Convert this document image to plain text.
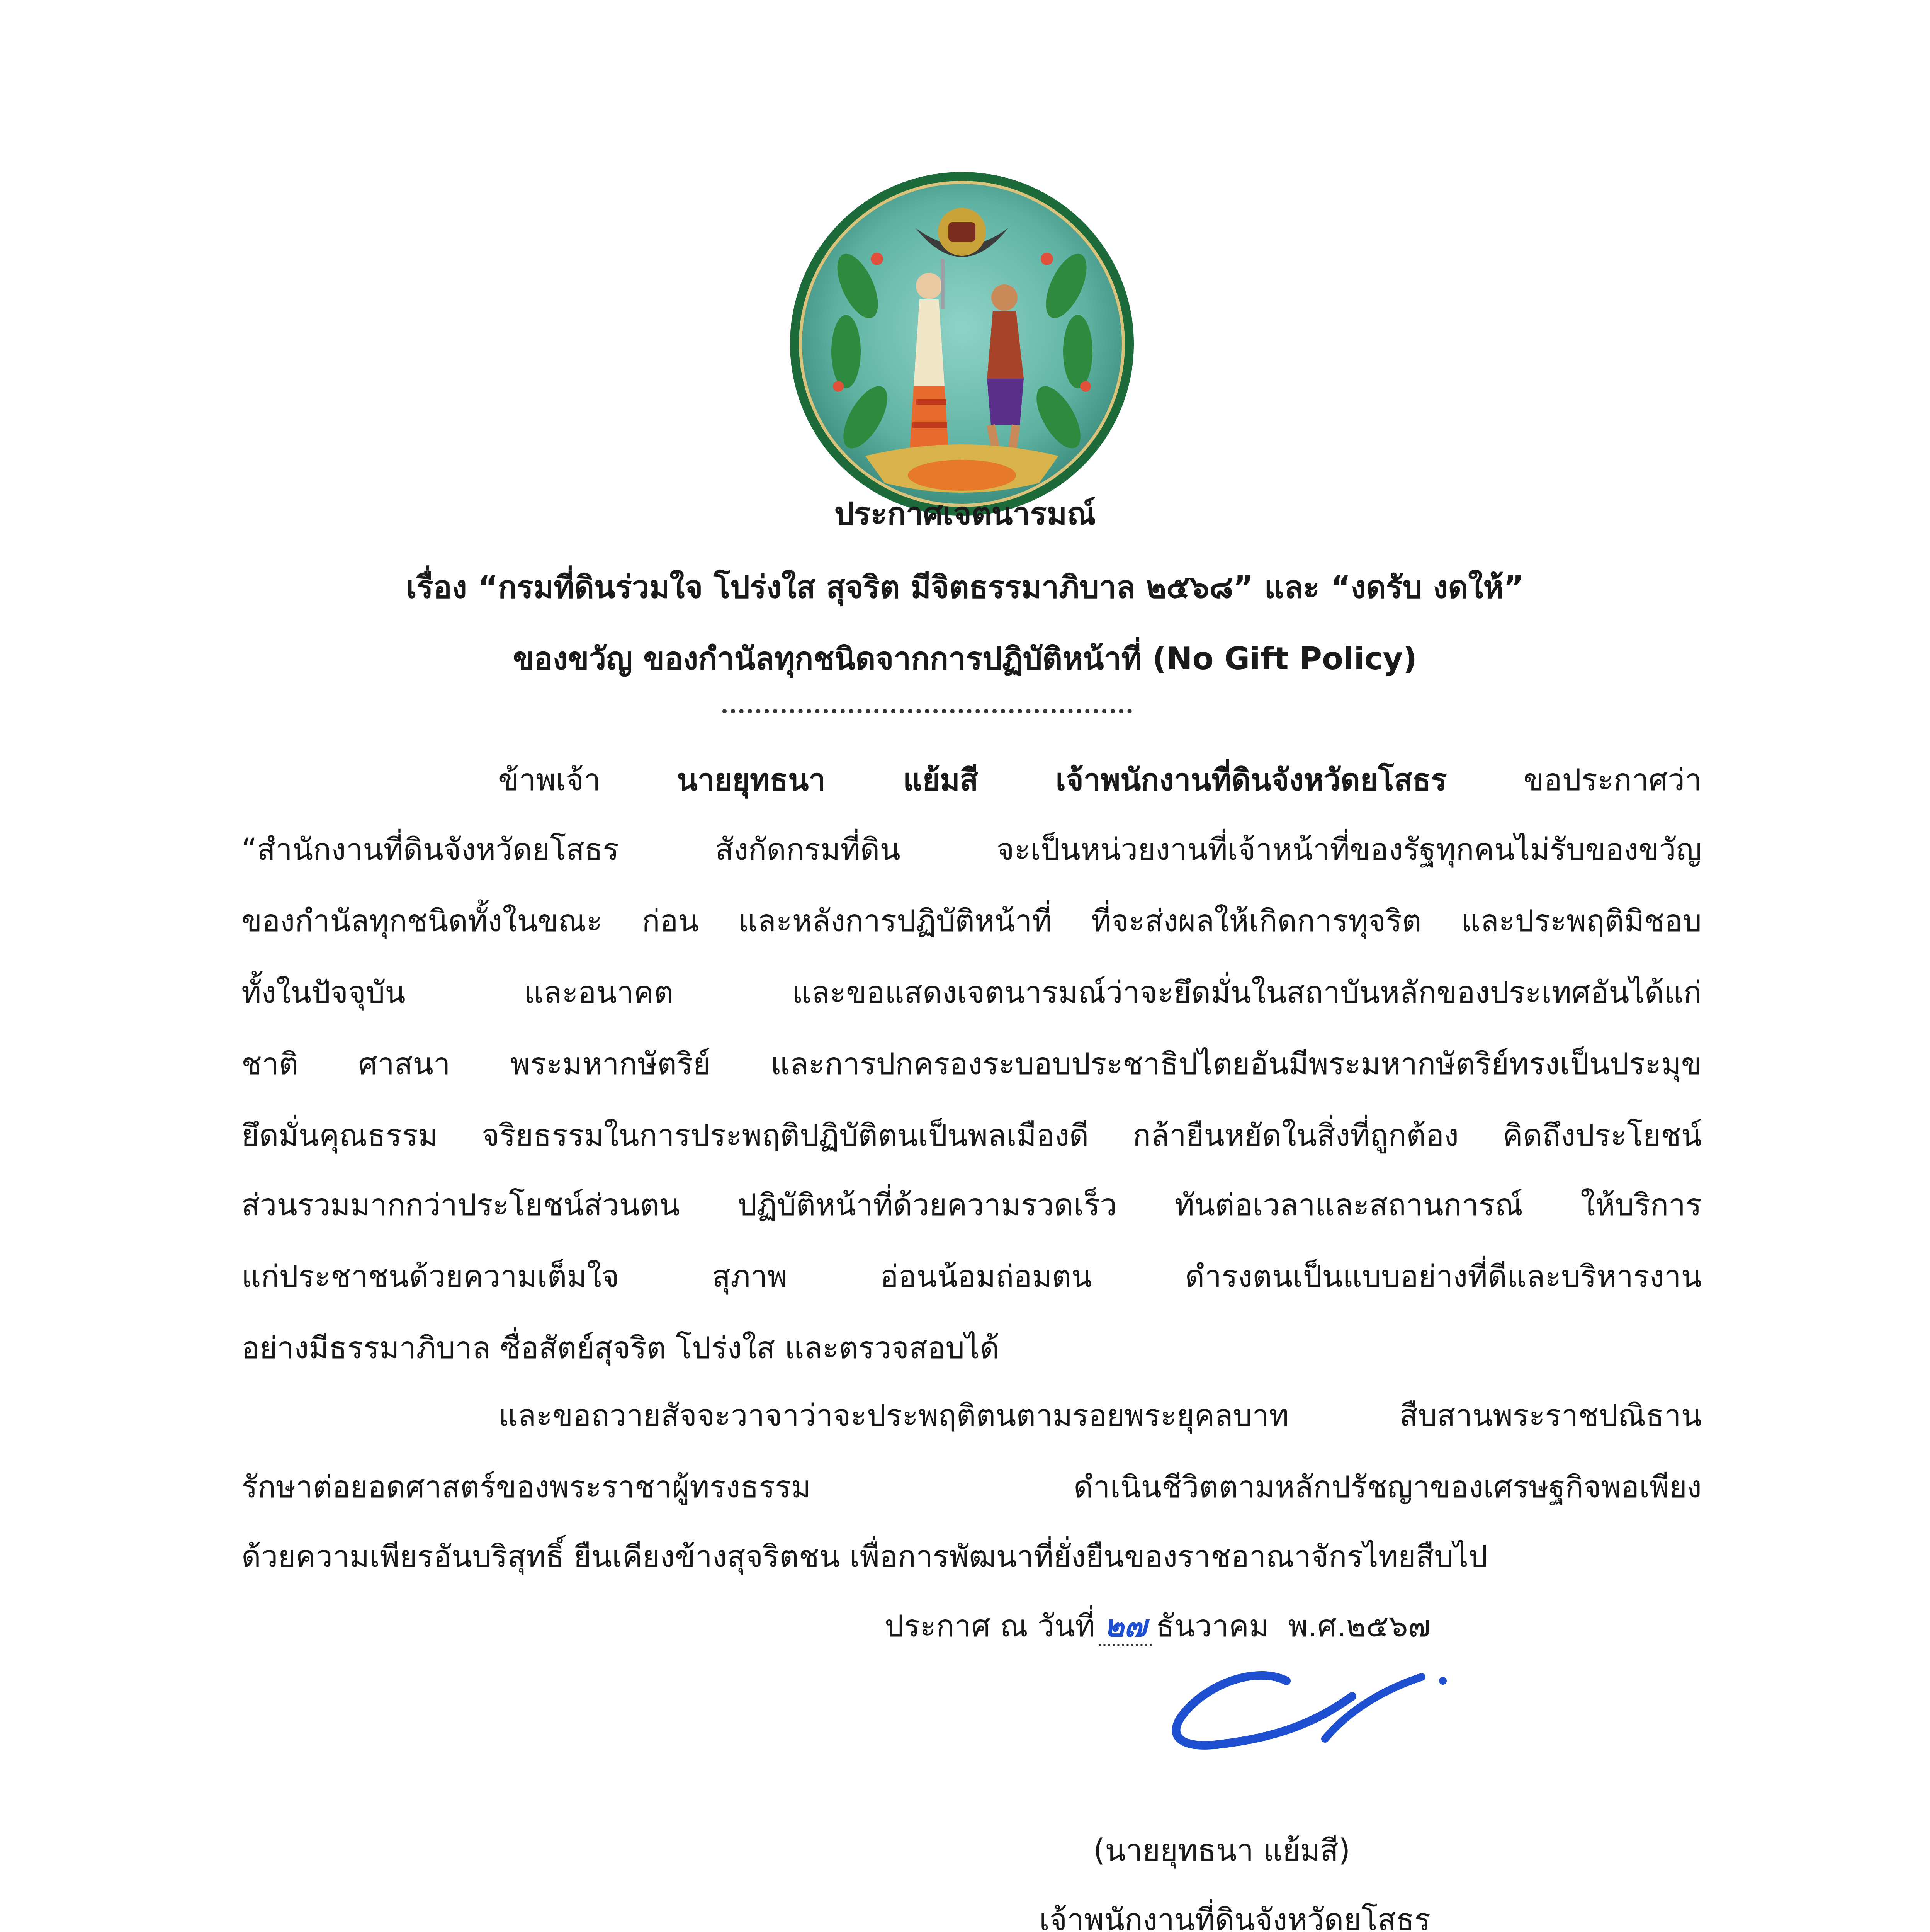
ประกาศเจตนารมณ์
เรื่อง “กรมที่ดินร่วมใจ โปร่งใส สุจริต มีจิตธรรมาภิบาล ๒๕๖๘” และ “งดรับ งดให้”
ของขวัญ ของกำนัลทุกชนิดจากการปฏิบัติหน้าที่ (No Gift Policy)
ข้าพเจ้า	นายยุทธนา แย้มสี เจ้าพนักงานที่ดินจังหวัดยโสธร	ขอประกาศว่า
“สำนักงานที่ดินจังหวัดยโสธร สังกัดกรมที่ดิน จะเป็นหน่วยงานที่เจ้าหน้าที่ของรัฐทุกคนไม่รับของขวัญ
ของกำนัลทุกชนิดทั้งในขณะ ก่อน และหลังการปฏิบัติหน้าที่ ที่จะส่งผลให้เกิดการทุจริต และประพฤติมิชอบ
ทั้งในปัจจุบัน และอนาคต และขอแสดงเจตนารมณ์ว่าจะยึดมั่นในสถาบันหลักของประเทศอันได้แก่
ชาติ ศาสนา พระมหากษัตริย์ และการปกครองระบอบประชาธิปไตยอันมีพระมหากษัตริย์ทรงเป็นประมุข
ยึดมั่นคุณธรรม จริยธรรมในการประพฤติปฏิบัติตนเป็นพลเมืองดี กล้ายืนหยัดในสิ่งที่ถูกต้อง คิดถึงประโยชน์
ส่วนรวมมากกว่าประโยชน์ส่วนตน ปฏิบัติหน้าที่ด้วยความรวดเร็ว ทันต่อเวลาและสถานการณ์ ให้บริการ
แก่ประชาชนด้วยความเต็มใจ สุภาพ อ่อนน้อมถ่อมตน ดำรงตนเป็นแบบอย่างที่ดีและบริหารงาน
อย่างมีธรรมาภิบาล ซื่อสัตย์สุจริต โปร่งใส และตรวจสอบได้
และขอถวายสัจจะวาจาว่าจะประพฤติตนตามรอยพระยุคลบาท สืบสานพระราชปณิธาน
รักษาต่อยอดศาสตร์ของพระราชาผู้ทรงธรรม ดำเนินชีวิตตามหลักปรัชญาของเศรษฐกิจพอเพียง
ด้วยความเพียรอันบริสุทธิ์ ยืนเคียงข้างสุจริตชน เพื่อการพัฒนาที่ยั่งยืนของราชอาณาจักรไทยสืบไป
ประกาศ ณ วันที่ ๒๗ ธันวาคม พ.ศ.๒๕๖๗
(นายยุทธนา แย้มสี)
เจ้าพนักงานที่ดินจังหวัดยโสธร
